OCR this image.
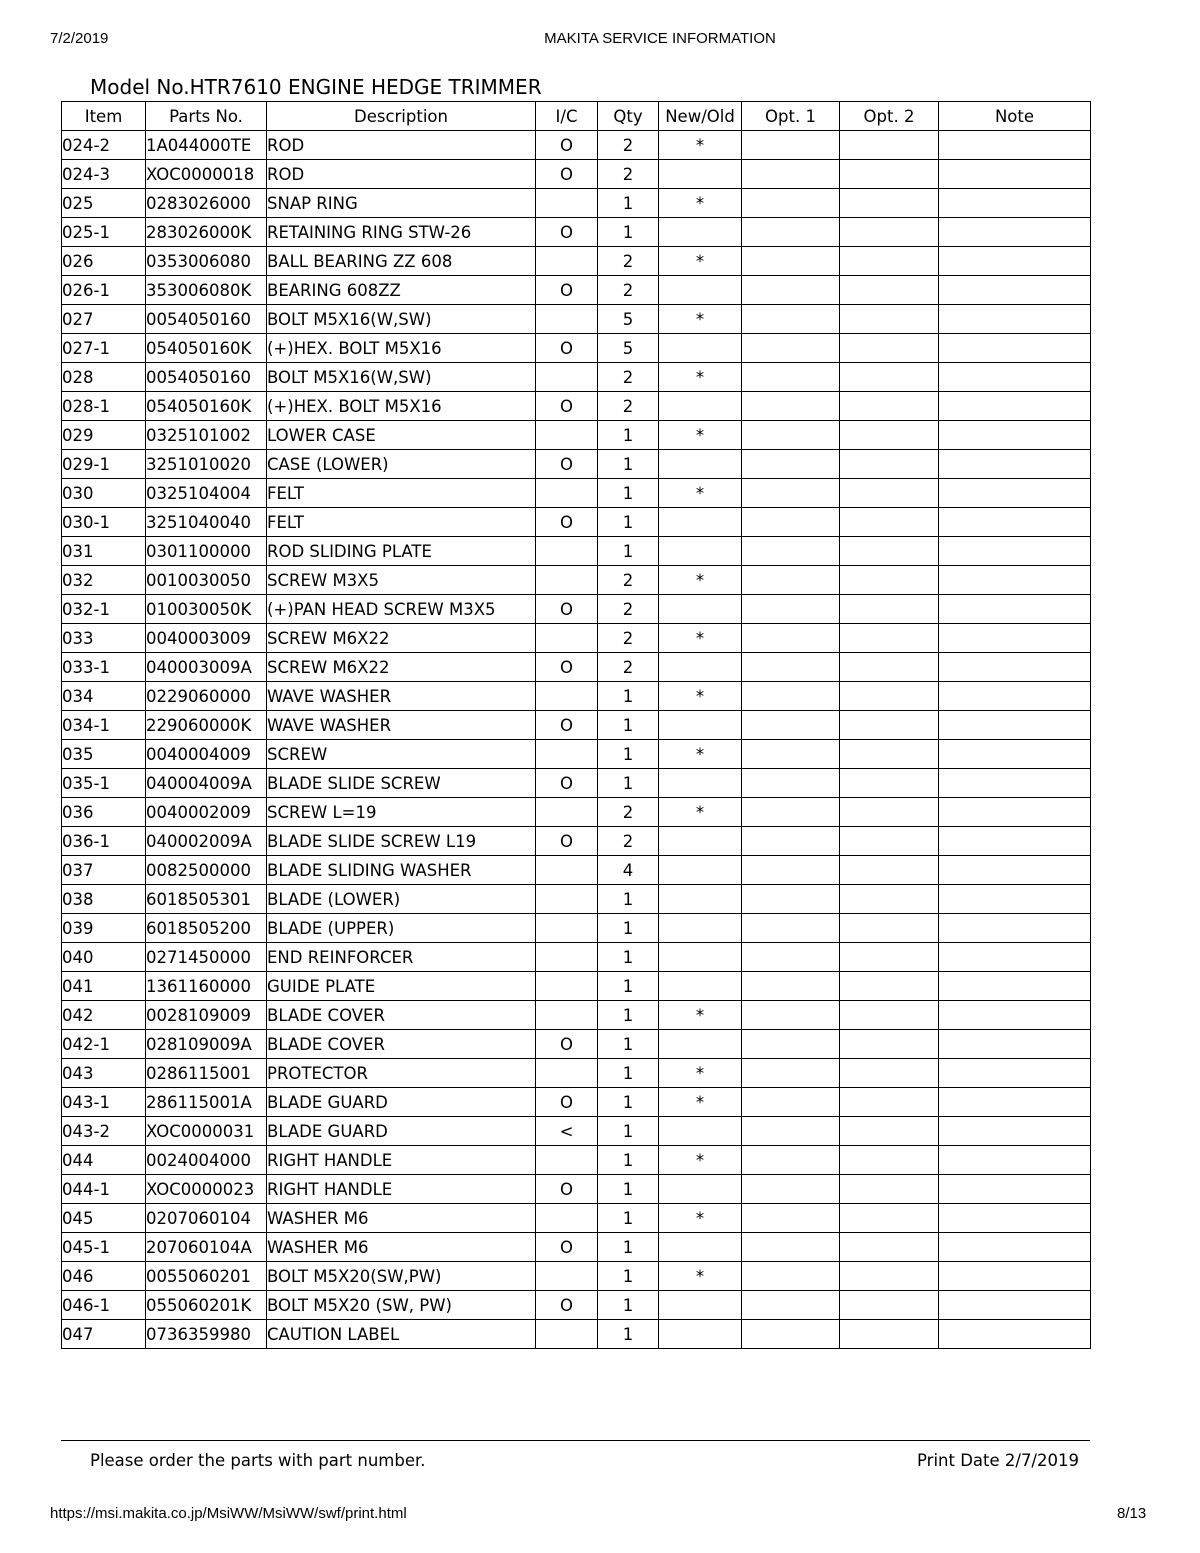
7/2/2019	MAKITA SERVICE INFORMATION
Model No.HTR7610 ENGINE HEDGE TRIMMER
Item	Parts No.	Description	I/C	Qty	New/Old	Opt. 1	Opt. 2	Note
024-2	1A044000TE	ROD	O	2	*			
024-3	XOC0000018	ROD	O	2				
025	0283026000	SNAP RING		1	*			
025-1	283026000K	RETAINING RING STW-26	O	1				
026	0353006080	BALL BEARING ZZ 608		2	*			
026-1	353006080K	BEARING 608ZZ	O	2				
027	0054050160	BOLT M5X16(W,SW)		5	*			
027-1	054050160K	(+)HEX. BOLT M5X16	O	5				
028	0054050160	BOLT M5X16(W,SW)		2	*			
028-1	054050160K	(+)HEX. BOLT M5X16	O	2				
029	0325101002	LOWER CASE		1	*			
029-1	3251010020	CASE (LOWER)	O	1				
030	0325104004	FELT		1	*			
030-1	3251040040	FELT	O	1				
031	0301100000	ROD SLIDING PLATE		1				
032	0010030050	SCREW M3X5		2	*			
032-1	010030050K	(+)PAN HEAD SCREW M3X5	O	2				
033	0040003009	SCREW M6X22		2	*			
033-1	040003009A	SCREW M6X22	O	2				
034	0229060000	WAVE WASHER		1	*			
034-1	229060000K	WAVE WASHER	O	1				
035	0040004009	SCREW		1	*			
035-1	040004009A	BLADE SLIDE SCREW	O	1				
036	0040002009	SCREW L=19		2	*			
036-1	040002009A	BLADE SLIDE SCREW L19	O	2				
037	0082500000	BLADE SLIDING WASHER		4				
038	6018505301	BLADE (LOWER)		1				
039	6018505200	BLADE (UPPER)		1				
040	0271450000	END REINFORCER		1				
041	1361160000	GUIDE PLATE		1				
042	0028109009	BLADE COVER		1	*			
042-1	028109009A	BLADE COVER	O	1				
043	0286115001	PROTECTOR		1	*			
043-1	286115001A	BLADE GUARD	O	1	*			
043-2	XOC0000031	BLADE GUARD	<	1				
044	0024004000	RIGHT HANDLE		1	*			
044-1	XOC0000023	RIGHT HANDLE	O	1				
045	0207060104	WASHER M6		1	*			
045-1	207060104A	WASHER M6	O	1				
046	0055060201	BOLT M5X20(SW,PW)		1	*			
046-1	055060201K	BOLT M5X20 (SW, PW)	O	1				
047	0736359980	CAUTION LABEL		1				
Please order the parts with part number.	Print Date 2/7/2019
https://msi.makita.co.jp/MsiWW/MsiWW/swf/print.html	8/13
